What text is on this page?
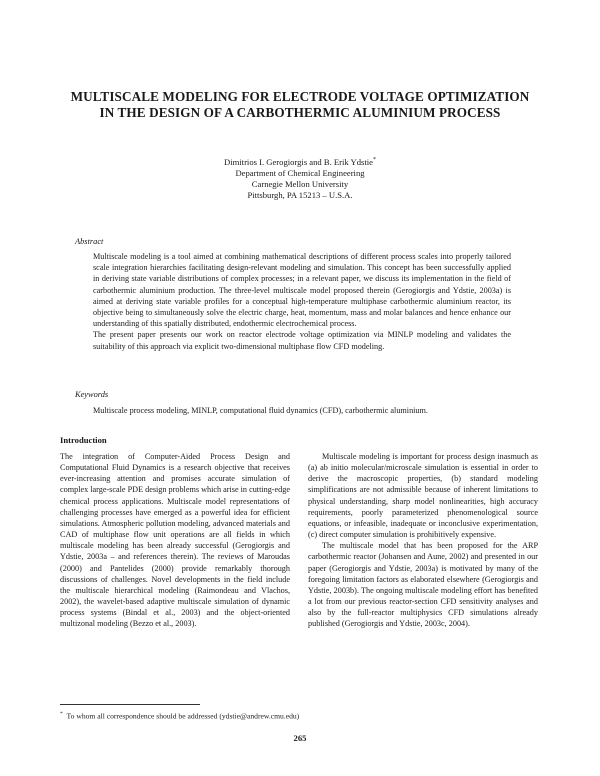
MULTISCALE MODELING FOR ELECTRODE VOLTAGE OPTIMIZATION
IN THE DESIGN OF A CARBOTHERMIC ALUMINIUM PROCESS
Dimitrios I. Gerogiorgis and B. Erik Ydstie*
Department of Chemical Engineering
Carnegie Mellon University
Pittsburgh, PA 15213 – U.S.A.
Abstract

Multiscale modeling is a tool aimed at combining mathematical descriptions of different process scales into properly tailored scale integration hierarchies facilitating design-relevant modeling and simulation. This concept has been successfully applied in deriving state variable distributions of complex processes; in a relevant paper, we discuss its implementation in the field of carbothermic aluminium production. The three-level multiscale model proposed therein (Gerogiorgis and Ydstie, 2003a) is aimed at deriving state variable profiles for a conceptual high-temperature multiphase carbothermic aluminium reactor, its objective being to simultaneously solve the electric charge, heat, momentum, mass and molar balances and hence enhance our understanding of this spatially distributed, endothermic electrochemical process.

The present paper presents our work on reactor electrode voltage optimization via MINLP modeling and validates the suitability of this approach via explicit two-dimensional multiphase flow CFD modeling.

Keywords
Multiscale process modeling, MINLP, computational fluid dynamics (CFD), carbothermic aluminium.
Introduction

The integration of Computer-Aided Process Design and Computational Fluid Dynamics is a research objective that receives ever-increasing attention and promises accurate simulation of complex large-scale PDE design problems which arise in cutting-edge chemical process applications. Multiscale model representations of challenging processes have emerged as a powerful idea for efficient simulations. Atmospheric pollution modeling, advanced materials and CAD of multiphase flow unit operations are all fields in which multiscale modeling has been already successful (Gerogiorgis and Ydstie, 2003a – and references therein). The reviews of Maroudas (2000) and Pantelides (2000) provide remarkably thorough discussions of challenges. Novel developments in the field include the multiscale hierarchical modeling (Raimondeau and Vlachos, 2002), the wavelet-based adaptive multiscale simulation of dynamic process systems (Bindal et al., 2003) and the object-oriented multizonal modeling (Bezzo et al., 2003).

Multiscale modeling is important for process design inasmuch as (a) ab initio molecular/microscale simulation is essential in order to derive the macroscopic properties, (b) standard modeling simplifications are not admissible because of inherent limitations to physical understanding, sharp model nonlinearities, high accuracy requirements, poorly parameterized phenomenological source equations, or infeasible, inadequate or inconclusive experimentation, (c) direct computer simulation is prohibitively expensive.

The multiscale model that has been proposed for the ARP carbothermic reactor (Johansen and Aune, 2002) and presented in our paper (Gerogiorgis and Ydstie, 2003a) is motivated by many of the foregoing limitation factors as elaborated elsewhere (Gerogiorgis and Ydstie, 2003b). The ongoing multiscale modeling effort has benefited a lot from our previous reactor-section CFD sensitivity analyses and also by the full-reactor multiphysics CFD simulations already published (Gerogiorgis and Ydstie, 2003c, 2004).

* To whom all correspondence should be addressed (ydstie@andrew.cmu.edu)
265
